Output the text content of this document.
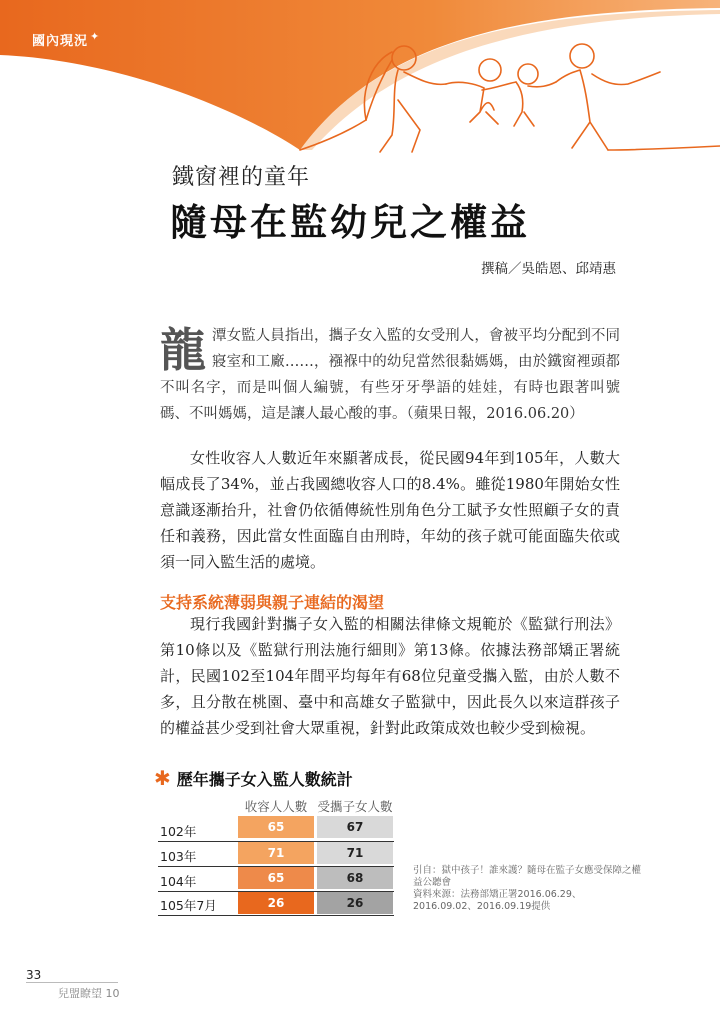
國內現況 ✦
鐵窗裡的童年
隨母在監幼兒之權益
撰稿／吳皓恩、邱靖惠

龍潭女監人員指出，攜子女入監的女受刑人，會被平均分配到不同寢室和工廠……，襁褓中的幼兒當然很黏媽媽，由於鐵窗裡頭都不叫名字，而是叫個人編號，有些牙牙學語的娃娃，有時也跟著叫號碼、不叫媽媽，這是讓人最心酸的事。（蘋果日報，2016.06.20）

女性收容人人數近年來顯著成長，從民國94年到105年，人數大幅成長了34%，並占我國總收容人口的8.4%。雖從1980年開始女性意識逐漸抬升，社會仍依循傳統性別角色分工賦予女性照顧子女的責任和義務，因此當女性面臨自由刑時，年幼的孩子就可能面臨失依或須一同入監生活的處境。

支持系統薄弱與親子連結的渴望

現行我國針對攜子女入監的相關法律條文規範於《監獄行刑法》第10條以及《監獄行刑法施行細則》第13條。依據法務部矯正署統計，民國102至104年間平均每年有68位兒童受攜入監，由於人數不多，且分散在桃園、臺中和高雄女子監獄中，因此長久以來這群孩子的權益甚少受到社會大眾重視，針對此政策成效也較少受到檢視。

✱ 歷年攜子女入監人數統計
收容人人數 受攜子女人數
102年	65	67
103年	71	71
104年	65	68
105年7月	26	26
引自：獄中孩子！誰來護？隨母在監子女應受保障之權益公聽會
資料來源：法務部矯正署2016.06.29、2016.09.02、2016.09.19提供
33
兒盟瞭望 10
